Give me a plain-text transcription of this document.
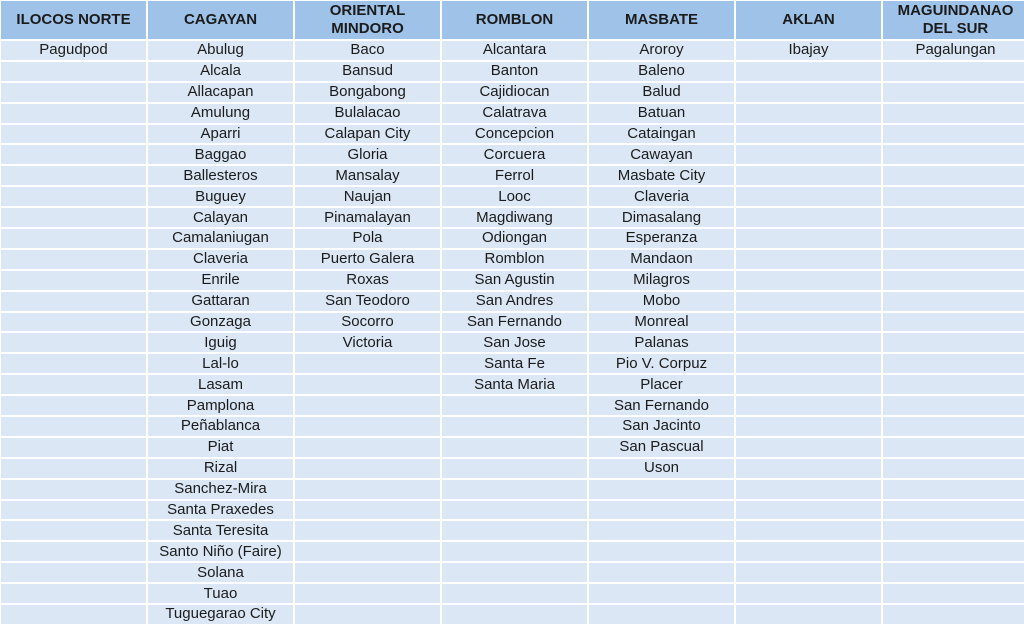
ILOCOS NORTE	CAGAYAN	ORIENTAL MINDORO	ROMBLON	MASBATE	AKLAN	MAGUINDANAO DEL SUR
Pagudpod	Abulug	Baco	Alcantara	Aroroy	Ibajay	Pagalungan
	Alcala	Bansud	Banton	Baleno		
	Allacapan	Bongabong	Cajidiocan	Balud		
	Amulung	Bulalacao	Calatrava	Batuan		
	Aparri	Calapan City	Concepcion	Cataingan		
	Baggao	Gloria	Corcuera	Cawayan		
	Ballesteros	Mansalay	Ferrol	Masbate City		
	Buguey	Naujan	Looc	Claveria		
	Calayan	Pinamalayan	Magdiwang	Dimasalang		
	Camalaniugan	Pola	Odiongan	Esperanza		
	Claveria	Puerto Galera	Romblon	Mandaon		
	Enrile	Roxas	San Agustin	Milagros		
	Gattaran	San Teodoro	San Andres	Mobo		
	Gonzaga	Socorro	San Fernando	Monreal		
	Iguig	Victoria	San Jose	Palanas		
	Lal-lo		Santa Fe	Pio V. Corpuz		
	Lasam		Santa Maria	Placer		
	Pamplona			San Fernando		
	Peñablanca			San Jacinto		
	Piat			San Pascual		
	Rizal			Uson		
	Sanchez-Mira					
	Santa Praxedes					
	Santa Teresita					
	Santo Niño (Faire)					
	Solana					
	Tuao					
	Tuguegarao City					
